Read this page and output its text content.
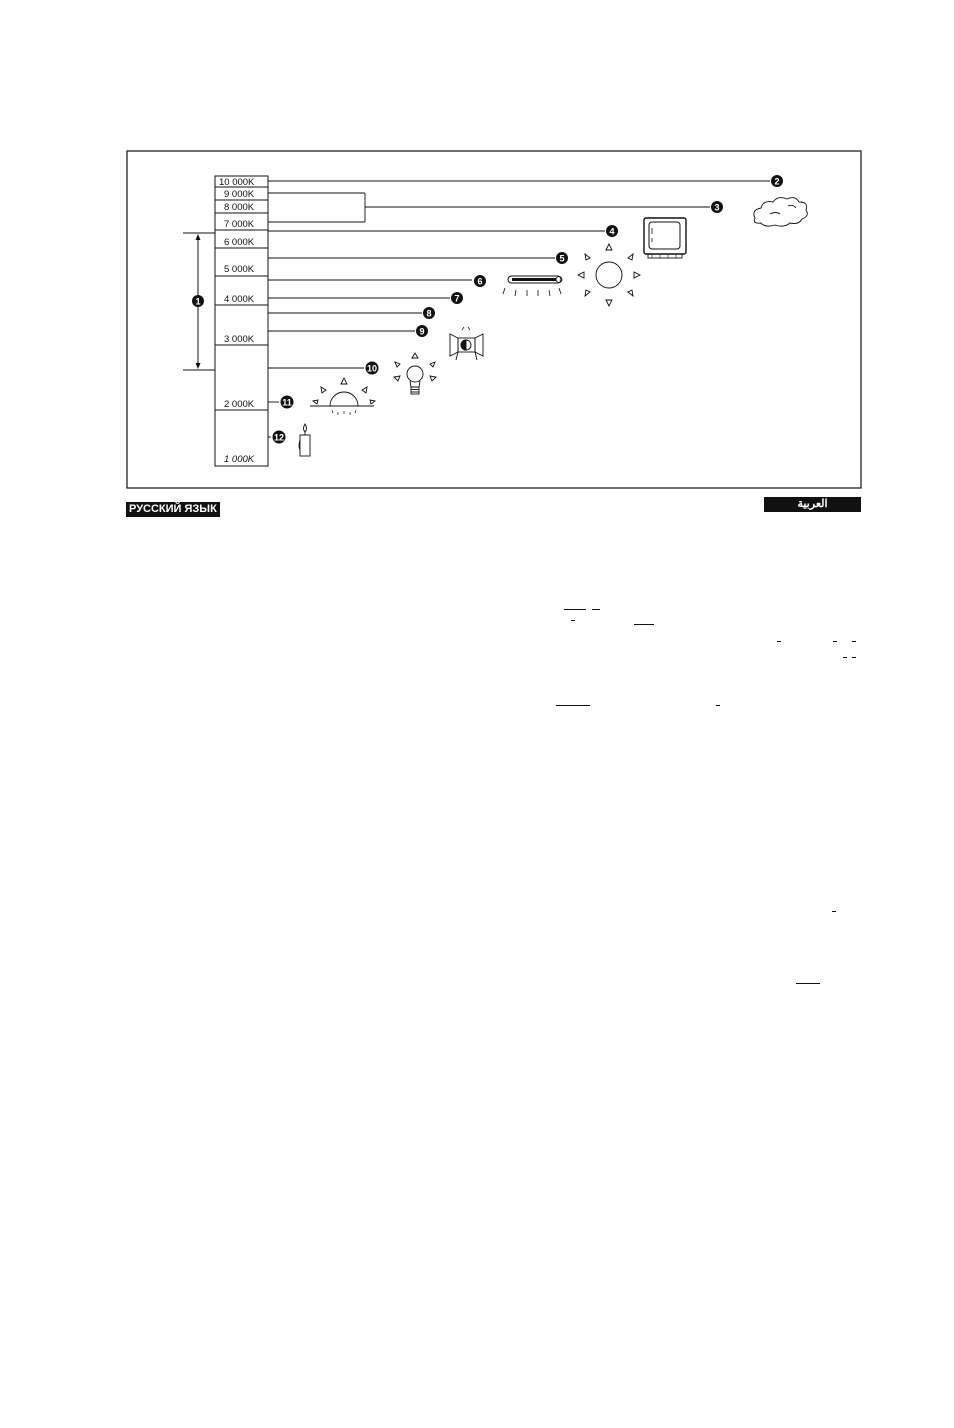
10 000K
9 000K
8 000K
7 000K
6 000K
5 000K
4 000K
3 000K
2 000K
1 000K
1
2
3
4
5
6
7
8
9
10
11
12
РУССКИЙ ЯЗЫК	العربية
